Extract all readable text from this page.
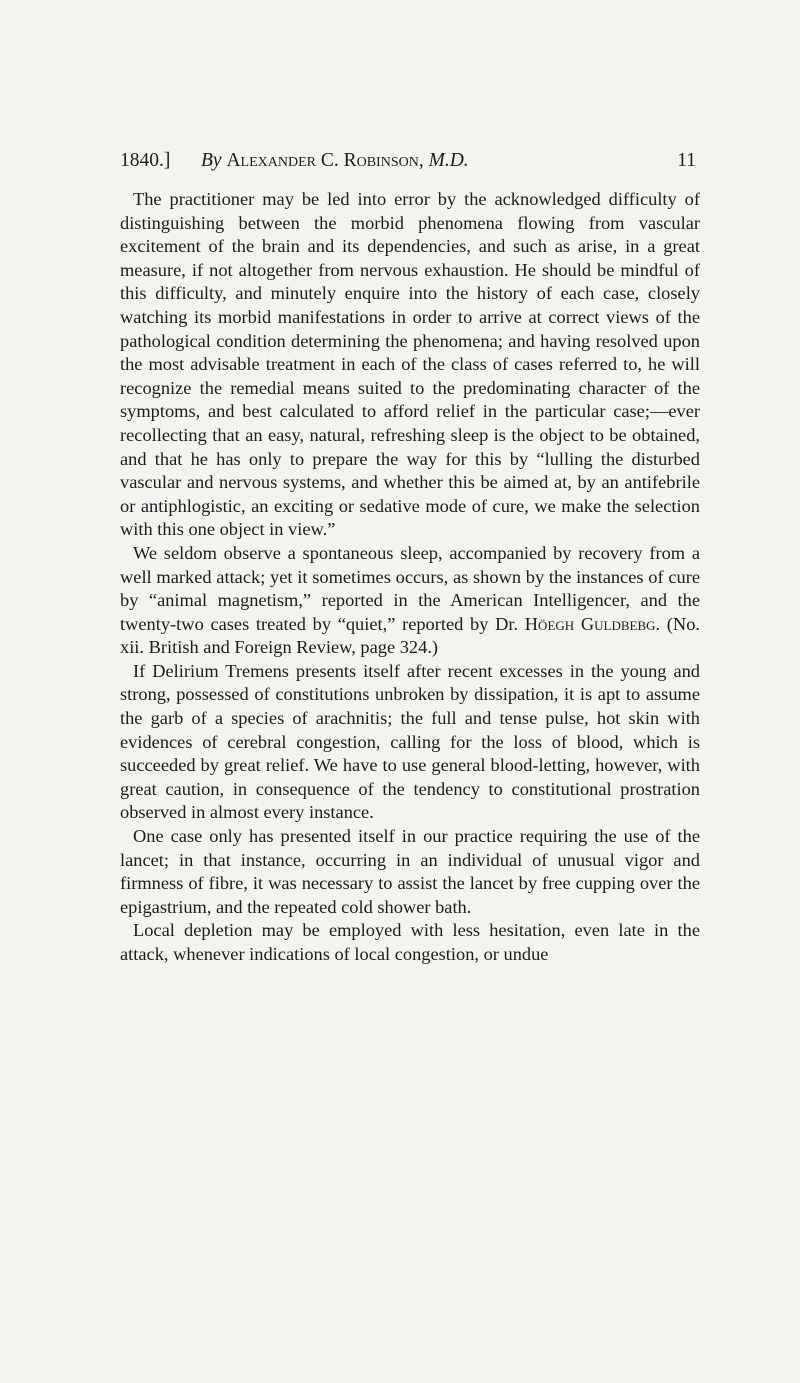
1840.] By Alexander C. Robinson, M.D.	11

The practitioner may be led into error by the acknowledged difficulty of distinguishing between the morbid phenomena flowing from vascular excitement of the brain and its dependencies, and such as arise, in a great measure, if not altogether from nervous exhaustion. He should be mindful of this difficulty, and minutely enquire into the history of each case, closely watching its morbid manifestations in order to arrive at correct views of the pathological condition determining the phenomena; and having resolved upon the most advisable treatment in each of the class of cases referred to, he will recognize the remedial means suited to the predominating character of the symptoms, and best calculated to afford relief in the particular case;—ever recollecting that an easy, natural, refreshing sleep is the object to be obtained, and that he has only to prepare the way for this by “lulling the disturbed vascular and nervous systems, and whether this be aimed at, by an antifebrile or antiphlogistic, an exciting or sedative mode of cure, we make the selection with this one object in view.”

We seldom observe a spontaneous sleep, accompanied by recovery from a well marked attack; yet it sometimes occurs, as shown by the instances of cure by “animal magnetism,” reported in the American Intelligencer, and the twenty-two cases treated by “quiet,” reported by Dr. Höegh Guldbebg. (No. xii. British and Foreign Review, page 324.)

If Delirium Tremens presents itself after recent excesses in the young and strong, possessed of constitutions unbroken by dissipation, it is apt to assume the garb of a species of arachnitis; the full and tense pulse, hot skin with evidences of cerebral congestion, calling for the loss of blood, which is succeeded by great relief. We have to use general blood-letting, however, with great caution, in consequence of the tendency to constitutional prostration observed in almost every instance.

One case only has presented itself in our practice requiring the use of the lancet; in that instance, occurring in an individual of unusual vigor and firmness of fibre, it was necessary to assist the lancet by free cupping over the epigastrium, and the repeated cold shower bath.

Local depletion may be employed with less hesitation, even late in the attack, whenever indications of local congestion, or undue
